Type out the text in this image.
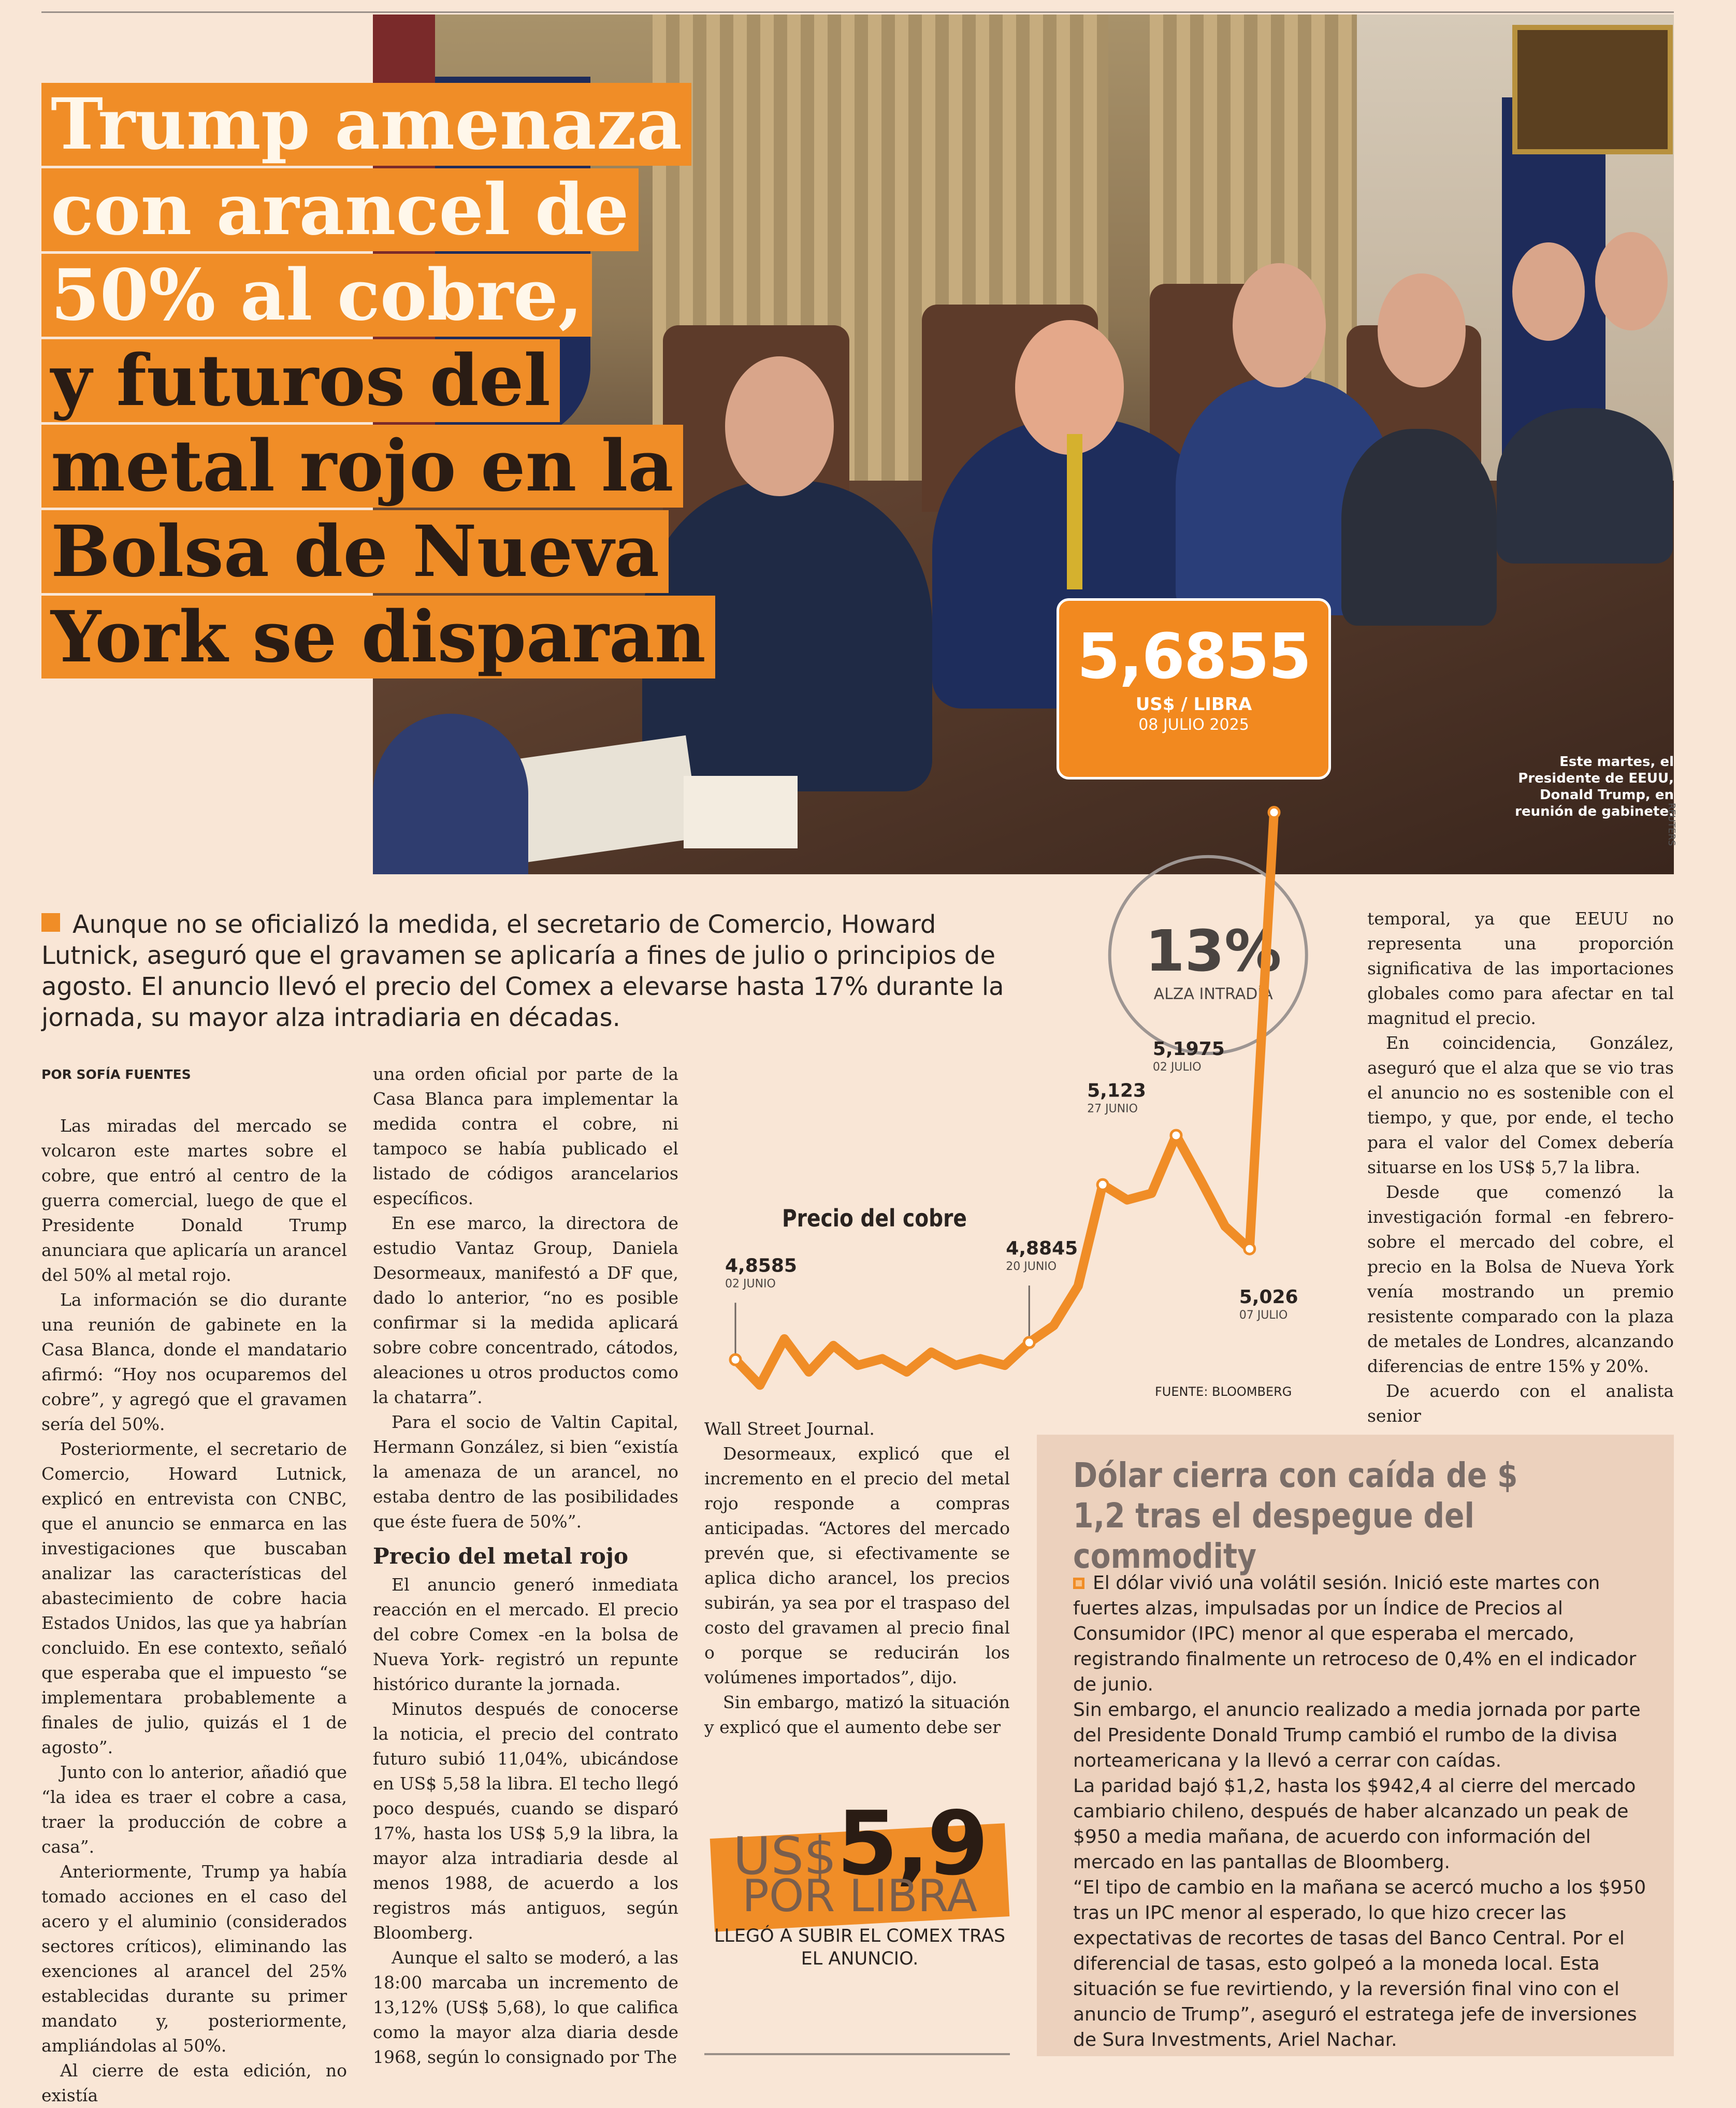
Este martes, el Presidente de EEUU, Donald Trump, en reunión de gabinete.
REUTERS
Trump amenaza
con arancel de
50% al cobre,
y futuros del
metal rojo en la
Bolsa de Nueva
York se disparan
13%
ALZA INTRADÍA
4,8585
02 JUNIO
4,8845
20 JUNIO
5,123
27 JUNIO
5,1975
02 JULIO
5,026
07 JULIO
FUENTE: BLOOMBERG
Precio del cobre
5,6855
US$ / LIBRA
08 JULIO 2025
Aunque no se oficializó la medida, el secretario de Comercio, Howard Lutnick, aseguró que el gravamen se aplicaría a fines de julio o principios de agosto. El anuncio llevó el precio del Comex a elevarse hasta 17% durante la jornada, su mayor alza intradiaria en décadas.
POR SOFÍA FUENTES

Las miradas del mercado se volcaron este martes sobre el cobre, que entró al centro de la guerra comercial, luego de que el Presidente Donald Trump anunciara que aplicaría un arancel del 50% al metal rojo.

La información se dio durante una reunión de gabinete en la Casa Blanca, donde el mandatario afirmó: “Hoy nos ocuparemos del cobre”, y agregó que el gravamen sería del 50%.

Posteriormente, el secretario de Comercio, Howard Lutnick, explicó en entrevista con CNBC, que el anuncio se enmarca en las investigaciones que buscaban analizar las características del abastecimiento de cobre hacia Estados Unidos, las que ya habrían concluido. En ese contexto, señaló que esperaba que el impuesto “se implementara probablemente a finales de julio, quizás el 1 de agosto”.

Junto con lo anterior, añadió que “la idea es traer el cobre a casa, traer la producción de cobre a casa”.

Anteriormente, Trump ya había tomado acciones en el caso del acero y el aluminio (considerados sectores críticos), eliminando las exenciones al arancel del 25% establecidas durante su primer mandato y, posteriormente, ampliándolas al 50%.

Al cierre de esta edición, no existía

una orden oficial por parte de la Casa Blanca para implementar la medida contra el cobre, ni tampoco se había publicado el listado de códigos arancelarios específicos.

En ese marco, la directora de estudio Vantaz Group, Daniela Desormeaux, manifestó a DF que, dado lo anterior, “no es posible confirmar si la medida aplicará sobre cobre concentrado, cátodos, aleaciones u otros productos como la chatarra”.

Para el socio de Valtin Capital, Hermann González, si bien “existía la amenaza de un arancel, no estaba dentro de las posibilidades que éste fuera de 50%”.

Precio del metal rojo

El anuncio generó inmediata reacción en el mercado. El precio del cobre Comex -en la bolsa de Nueva York- registró un repunte histórico durante la jornada.

Minutos después de conocerse la noticia, el precio del contrato futuro subió 11,04%, ubicándose en US$ 5,58 la libra. El techo llegó poco después, cuando se disparó 17%, hasta los US$ 5,9 la libra, la mayor alza intradiaria desde al menos 1988, de acuerdo a los registros más antiguos, según Bloomberg.

Aunque el salto se moderó, a las 18:00 marcaba un incremento de 13,12% (US$ 5,68), lo que califica como la mayor alza diaria desde 1968, según lo consignado por The

Wall Street Journal.

Desormeaux, explicó que el incremento en el precio del metal rojo responde a compras anticipadas. “Actores del mercado prevén que, si efectivamente se aplica dicho arancel, los precios subirán, ya sea por el traspaso del costo del gravamen al precio final o porque se reducirán los volúmenes importados”, dijo.

Sin embargo, matizó la situación y explicó que el aumento debe ser

temporal, ya que EEUU no representa una proporción significativa de las importaciones globales como para afectar en tal magnitud el precio.

En coincidencia, González, aseguró que el alza que se vio tras el anuncio no es sostenible con el tiempo, y que, por ende, el techo para el valor del Comex debería situarse en los US$ 5,7 la libra.

Desde que comenzó la investigación formal -en febrero- sobre el mercado del cobre, el precio en la Bolsa de Nueva York venía mostrando un premio resistente comparado con la plaza de metales de Londres, alcanzando diferencias de entre 15% y 20%.

De acuerdo con el analista senior

Dólar cierra con caída de $ 1,2 tras el despegue del commodity

El dólar vivió una volátil sesión. Inició este martes con fuertes alzas, impulsadas por un Índice de Precios al Consumidor (IPC) menor al que esperaba el mercado, registrando finalmente un retroceso de 0,4% en el indicador de junio.

Sin embargo, el anuncio realizado a media jornada por parte del Presidente Donald Trump cambió el rumbo de la divisa norteamericana y la llevó a cerrar con caídas.

La paridad bajó $1,2, hasta los $942,4 al cierre del mercado cambiario chileno, después de haber alcanzado un peak de $950 a media mañana, de acuerdo con información del mercado en las pantallas de Bloomberg.

“El tipo de cambio en la mañana se acercó mucho a los $950 tras un IPC menor al esperado, lo que hizo crecer las expectativas de recortes de tasas del Banco Central. Por el diferencial de tasas, esto golpeó a la moneda local. Esta situación se fue revirtiendo, y la reversión final vino con el anuncio de Trump”, aseguró el estratega jefe de inversiones de Sura Investments, Ariel Nachar.

US$5,9
POR LIBRA
LLEGÓ A SUBIR EL COMEX TRAS EL ANUNCIO.
